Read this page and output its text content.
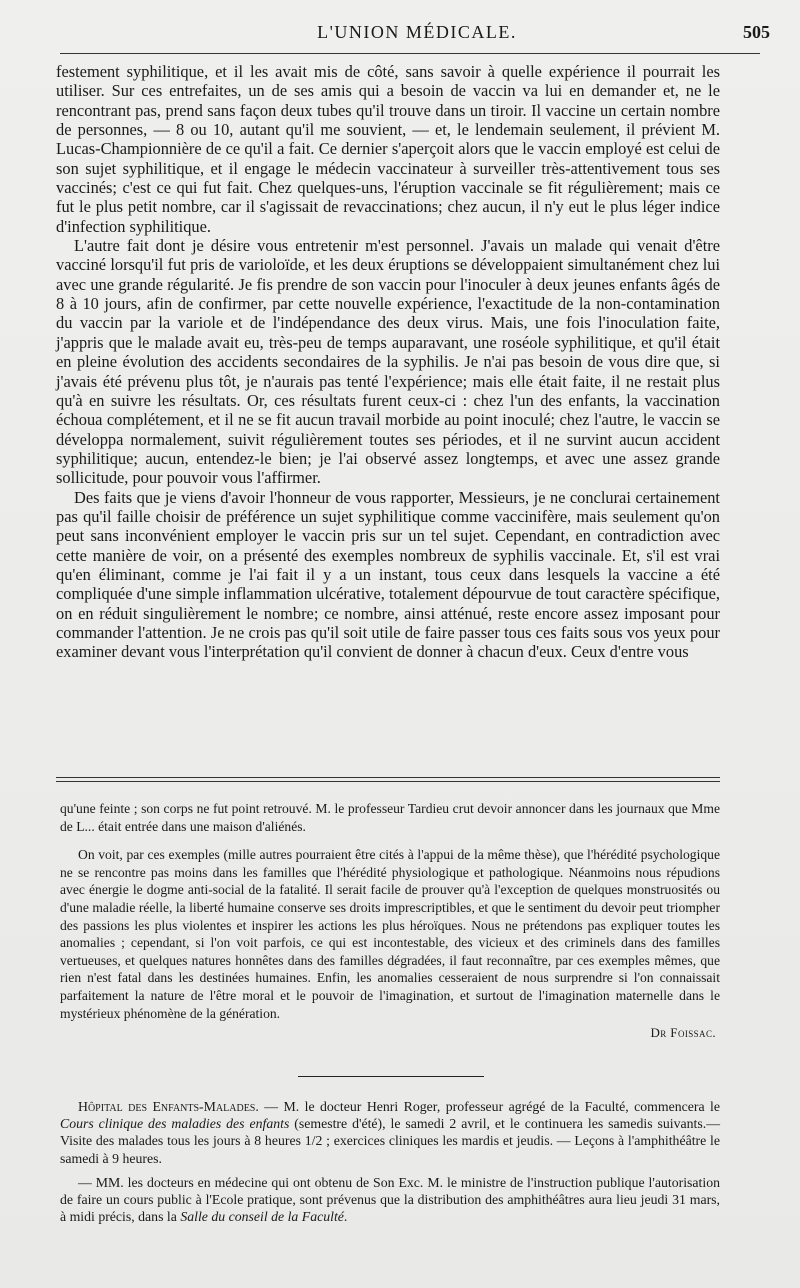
L'UNION MÉDICALE.	505

festement syphilitique, et il les avait mis de côté, sans savoir à quelle expérience il pourrait les utiliser. Sur ces entrefaites, un de ses amis qui a besoin de vaccin va lui en demander et, ne le rencontrant pas, prend sans façon deux tubes qu'il trouve dans un tiroir. Il vaccine un certain nombre de personnes, — 8 ou 10, autant qu'il me souvient, — et, le lendemain seulement, il prévient M. Lucas-Championnière de ce qu'il a fait. Ce dernier s'aperçoit alors que le vaccin employé est celui de son sujet syphilitique, et il engage le médecin vaccinateur à surveiller très-attentivement tous ses vaccinés; c'est ce qui fut fait. Chez quelques-uns, l'éruption vaccinale se fit régulièrement; mais ce fut le plus petit nombre, car il s'agissait de revaccinations; chez aucun, il n'y eut le plus léger indice d'infection syphilitique.

L'autre fait dont je désire vous entretenir m'est personnel. J'avais un malade qui venait d'être vacciné lorsqu'il fut pris de varioloïde, et les deux éruptions se développaient simultanément chez lui avec une grande régularité. Je fis prendre de son vaccin pour l'inoculer à deux jeunes enfants âgés de 8 à 10 jours, afin de confirmer, par cette nouvelle expérience, l'exactitude de la non-contamination du vaccin par la variole et de l'indépendance des deux virus. Mais, une fois l'inoculation faite, j'appris que le malade avait eu, très-peu de temps auparavant, une roséole syphilitique, et qu'il était en pleine évolution des accidents secondaires de la syphilis. Je n'ai pas besoin de vous dire que, si j'avais été prévenu plus tôt, je n'aurais pas tenté l'expérience; mais elle était faite, il ne restait plus qu'à en suivre les résultats. Or, ces résultats furent ceux-ci : chez l'un des enfants, la vaccination échoua complétement, et il ne se fit aucun travail morbide au point inoculé; chez l'autre, le vaccin se développa normalement, suivit régulièrement toutes ses périodes, et il ne survint aucun accident syphilitique; aucun, entendez-le bien; je l'ai observé assez longtemps, et avec une assez grande sollicitude, pour pouvoir vous l'affirmer.

Des faits que je viens d'avoir l'honneur de vous rapporter, Messieurs, je ne conclurai certainement pas qu'il faille choisir de préférence un sujet syphilitique comme vaccinifère, mais seulement qu'on peut sans inconvénient employer le vaccin pris sur un tel sujet. Cependant, en contradiction avec cette manière de voir, on a présenté des exemples nombreux de syphilis vaccinale. Et, s'il est vrai qu'en éliminant, comme je l'ai fait il y a un instant, tous ceux dans lesquels la vaccine a été compliquée d'une simple inflammation ulcérative, totalement dépourvue de tout caractère spécifique, on en réduit singulièrement le nombre; ce nombre, ainsi atténué, reste encore assez imposant pour commander l'attention. Je ne crois pas qu'il soit utile de faire passer tous ces faits sous vos yeux pour examiner devant vous l'interprétation qu'il convient de donner à chacun d'eux. Ceux d'entre vous

qu'une feinte ; son corps ne fut point retrouvé. M. le professeur Tardieu crut devoir annoncer dans les journaux que Mme de L... était entrée dans une maison d'aliénés.

On voit, par ces exemples (mille autres pourraient être cités à l'appui de la même thèse), que l'hérédité psychologique ne se rencontre pas moins dans les familles que l'hérédité physiologique et pathologique. Néanmoins nous répudions avec énergie le dogme anti-social de la fatalité. Il serait facile de prouver qu'à l'exception de quelques monstruosités ou d'une maladie réelle, la liberté humaine conserve ses droits imprescriptibles, et que le sentiment du devoir peut triompher des passions les plus violentes et inspirer les actions les plus héroïques. Nous ne prétendons pas expliquer toutes les anomalies ; cependant, si l'on voit parfois, ce qui est incontestable, des vicieux et des criminels dans des familles vertueuses, et quelques natures honnêtes dans des familles dégradées, il faut reconnaître, par ces exemples mêmes, que rien n'est fatal dans les destinées humaines. Enfin, les anomalies cesseraient de nous surprendre si l'on connaissait parfaitement la nature de l'être moral et le pouvoir de l'imagination, et surtout de l'imagination maternelle dans le mystérieux phénomène de la génération.

Dr Foissac.

Hôpital des Enfants-Malades. — M. le docteur Henri Roger, professeur agrégé de la Faculté, commencera le Cours clinique des maladies des enfants (semestre d'été), le samedi 2 avril, et le continuera les samedis suivants.—Visite des malades tous les jours à 8 heures 1/2 ; exercices cliniques les mardis et jeudis. — Leçons à l'amphithéâtre le samedi à 9 heures.

— MM. les docteurs en médecine qui ont obtenu de Son Exc. M. le ministre de l'instruction publique l'autorisation de faire un cours public à l'Ecole pratique, sont prévenus que la distribution des amphithéâtres aura lieu jeudi 31 mars, à midi précis, dans la Salle du conseil de la Faculté.
